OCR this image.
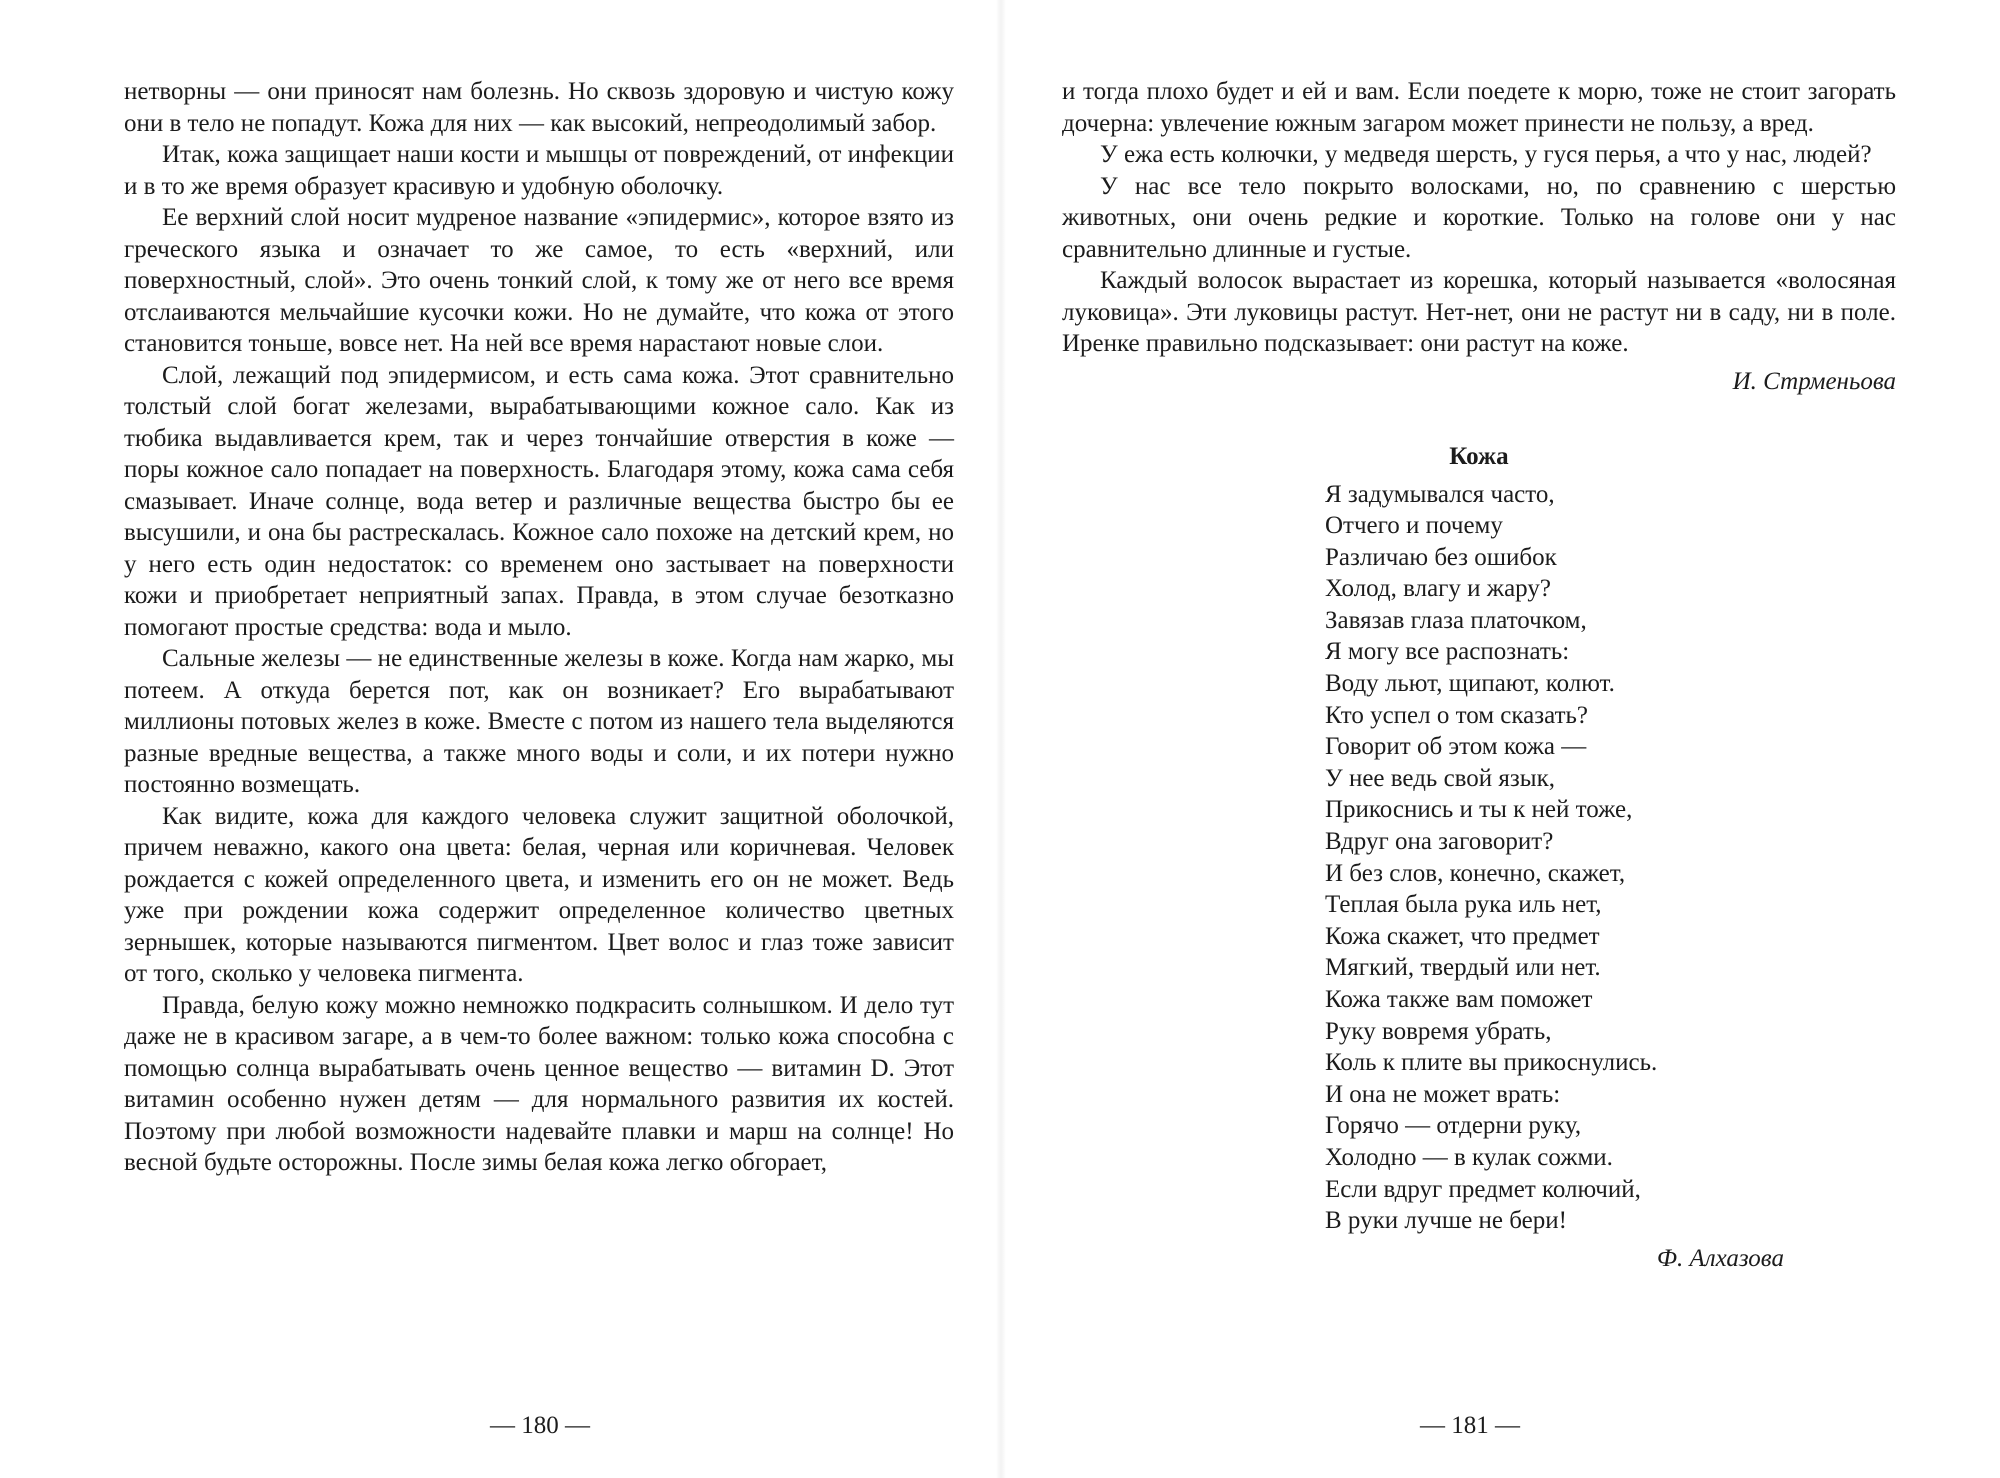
нетворны — они приносят нам болезнь. Но сквозь здоровую и чистую кожу они в тело не попадут. Кожа для них — как высокий, непреодолимый забор.

Итак, кожа защищает наши кости и мышцы от повреждений, от инфекции и в то же время образует красивую и удобную оболочку.

Ее верхний слой носит мудреное название «эпидермис», которое взято из греческого языка и означает то же самое, то есть «верхний, или поверхностный, слой». Это очень тонкий слой, к тому же от него все время отслаиваются мельчайшие кусочки кожи. Но не думайте, что кожа от этого становится тоньше, вовсе нет. На ней все время нарастают новые слои.

Слой, лежащий под эпидермисом, и есть сама кожа. Этот сравнительно толстый слой богат железами, вырабатывающими кожное сало. Как из тюбика выдавливается крем, так и через тончайшие отверстия в коже — поры кожное сало попадает на поверхность. Благодаря этому, кожа сама себя смазывает. Иначе солнце, вода ветер и различные вещества быстро бы ее высушили, и она бы растрескалась. Кожное сало похоже на детский крем, но у него есть один недостаток: со временем оно застывает на поверхности кожи и приобретает неприятный запах. Правда, в этом случае безотказно помогают простые средства: вода и мыло.

Сальные железы — не единственные железы в коже. Когда нам жарко, мы потеем. А откуда берется пот, как он возникает? Его вырабатывают миллионы потовых желез в коже. Вместе с потом из нашего тела выделяются разные вредные вещества, а также много воды и соли, и их потери нужно постоянно возмещать.

Как видите, кожа для каждого человека служит защитной оболочкой, причем неважно, какого она цвета: белая, черная или коричневая. Человек рождается с кожей определенного цвета, и изменить его он не может. Ведь уже при рождении кожа содержит определенное количество цветных зернышек, которые называются пигментом. Цвет волос и глаз тоже зависит от того, сколько у человека пигмента.

Правда, белую кожу можно немножко подкрасить солнышком. И дело тут даже не в красивом загаре, а в чем-то более важном: только кожа способна с помощью солнца вырабатывать очень ценное вещество — витамин D. Этот витамин особенно нужен детям — для нормального развития их костей. Поэтому при любой возможности надевайте плавки и марш на солнце! Но весной будьте осторожны. После зимы белая кожа легко обгорает,

— 180 —

и тогда плохо будет и ей и вам. Если поедете к морю, тоже не стоит загорать дочерна: увлечение южным загаром может принести не пользу, а вред.

У ежа есть колючки, у медведя шерсть, у гуся перья, а что у нас, людей?

У нас все тело покрыто волосками, но, по сравнению с шерстью животных, они очень редкие и короткие. Только на голове они у нас сравнительно длинные и густые.

Каждый волосок вырастает из корешка, который называется «волосяная луковица». Эти луковицы растут. Нет-нет, они не растут ни в саду, ни в поле. Иренке правильно подсказывает: они растут на коже.

И. Стрменьова

Кожа
Я задумывался часто,
Отчего и почему
Различаю без ошибок
Холод, влагу и жару?
Завязав глаза платочком,
Я могу все распознать:
Воду льют, щипают, колют.
Кто успел о том сказать?
Говорит об этом кожа —
У нее ведь свой язык,
Прикоснись и ты к ней тоже,
Вдруг она заговорит?
И без слов, конечно, скажет,
Теплая была рука иль нет,
Кожа скажет, что предмет
Мягкий, твердый или нет.
Кожа также вам поможет
Руку вовремя убрать,
Коль к плите вы прикоснулись.
И она не может врать:
Горячо — отдерни руку,
Холодно — в кулак сожми.
Если вдруг предмет колючий,
В руки лучше не бери!

Ф. Алхазова

— 181 —
